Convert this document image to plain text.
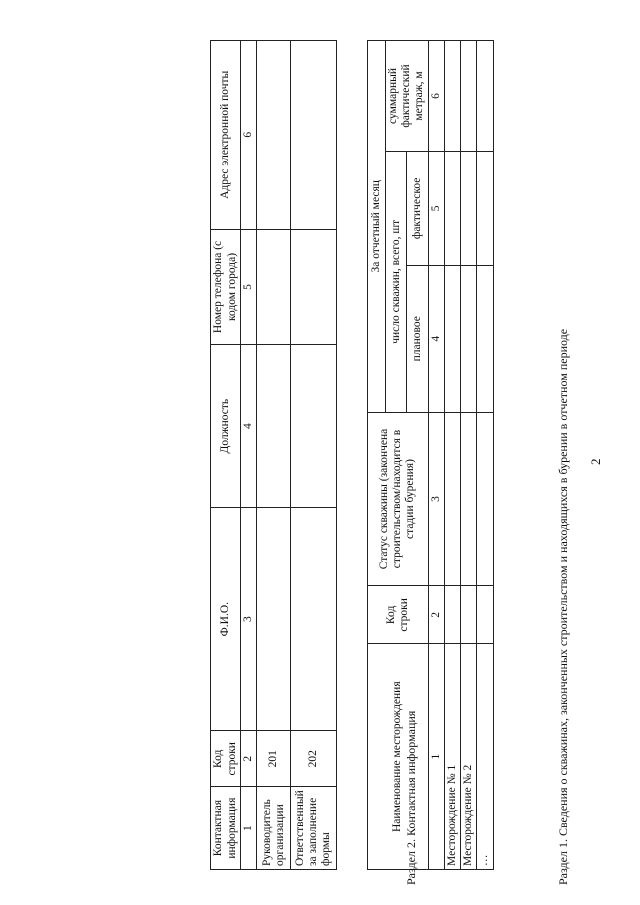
2
Раздел 1. Сведения о скважинах, законченных строительством и находящихся в бурении в отчетном периоде
Наименование месторождения	Код строки	Статус скважины (закончена строительством/находится в стадии бурения)	За отчетный месяц		
			число скважин, всего, шт		суммарный фактический метраж, м
			плановое	фактическое	
1	2	3	4	5	6
Месторождение № 1					
Месторождение № 2					
…					
Раздел 2. Контактная информация
Контактная информация	Код строки	Ф.И.О.	Должность	Номер телефона (с кодом города)	Адрес электронной почты
1	2	3	4	5	6
Руководитель организации	201				
Ответственный за заполнение формы	202				
